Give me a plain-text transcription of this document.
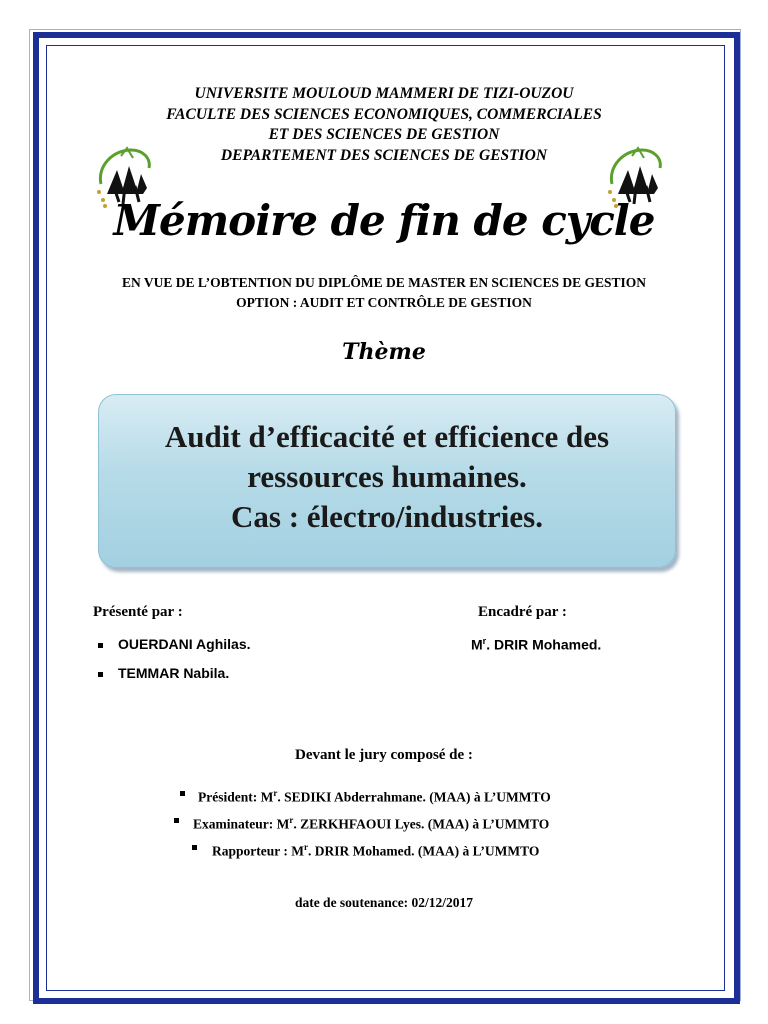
UNIVERSITE MOULOUD MAMMERI DE TIZI-OUZOU
FACULTE DES SCIENCES ECONOMIQUES, COMMERCIALES
ET DES SCIENCES DE GESTION
DEPARTEMENT DES SCIENCES DE GESTION
Mémoire de fin de cycle
EN VUE DE L’OBTENTION DU DIPLÔME DE MASTER EN SCIENCES DE GESTION
OPTION : AUDIT ET CONTRÔLE DE GESTION
Thème
Audit d’efficacité et efficience des
ressources humaines.
Cas : électro/industries.
Présenté par :
OUERDANI Aghilas.
TEMMAR Nabila.
Encadré par :
$M^r$. DRIR Mohamed.
Devant le jury composé de :
Président: $M^r$. SEDIKI Abderrahmane. (MAA) à L’UMMTO
Examinateur: $M^r$. ZERKHFAOUI Lyes. (MAA) à L’UMMTO
Rapporteur : $M^r$. DRIR Mohamed. (MAA) à L’UMMTO
date de soutenance: 02/12/2017
